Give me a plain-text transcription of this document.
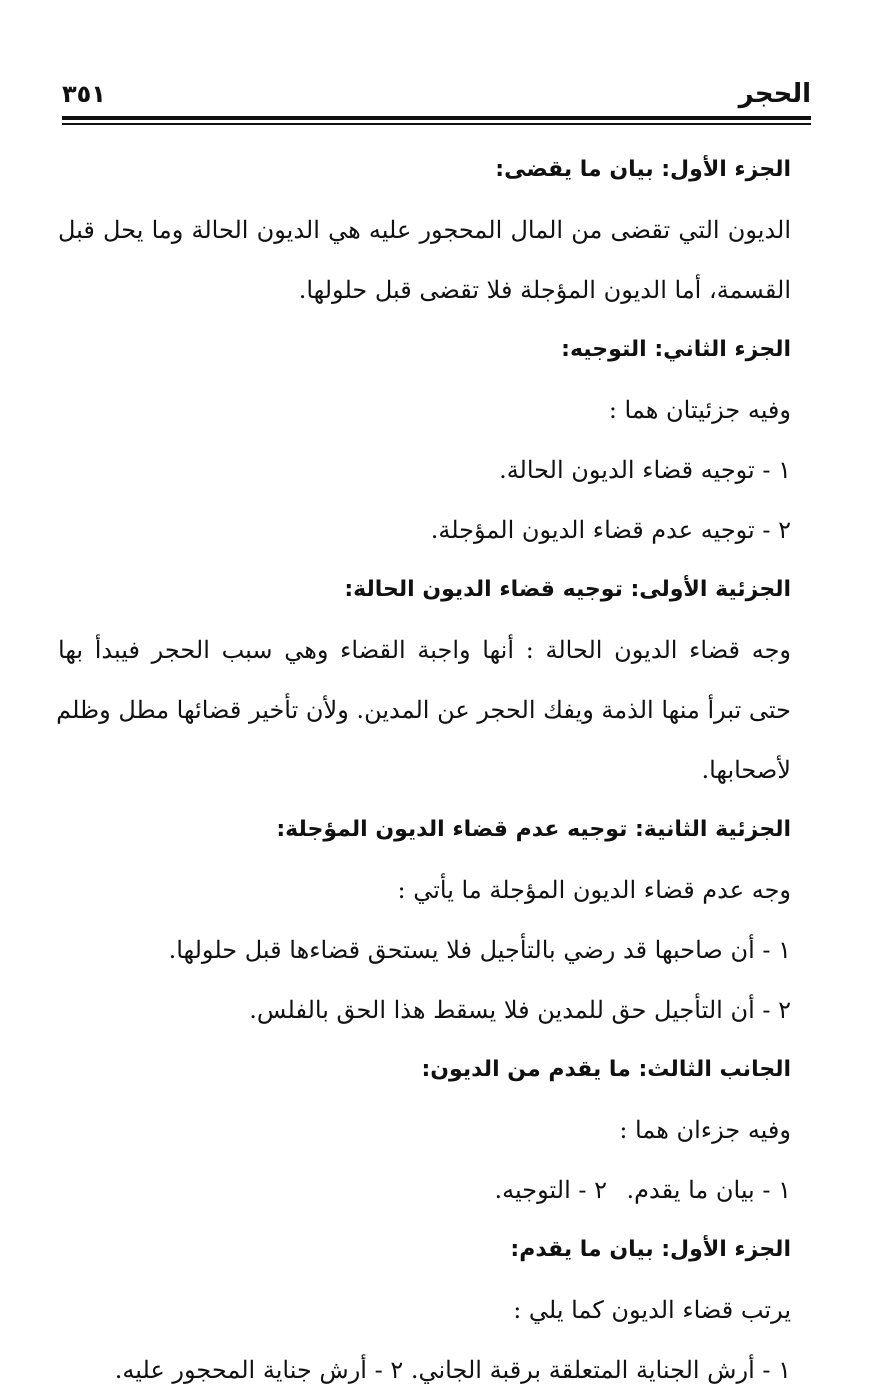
الحجر
٣٥١
الجزء الأول: بيان ما يقضى:
الديون التي تقضى من المال المحجور عليه هي الديون الحالة وما يحل قبل
القسمة، أما الديون المؤجلة فلا تقضى قبل حلولها.
الجزء الثاني: التوجيه:
وفيه جزئيتان هما :
١ - توجيه قضاء الديون الحالة.
٢ - توجيه عدم قضاء الديون المؤجلة.
الجزئية الأولى: توجيه قضاء الديون الحالة:
وجه قضاء الديون الحالة : أنها واجبة القضاء وهي سبب الحجر فيبدأ بها
حتى تبرأ منها الذمة ويفك الحجر عن المدين. ولأن تأخير قضائها مطل وظلم
لأصحابها.
الجزئية الثانية: توجيه عدم قضاء الديون المؤجلة:
وجه عدم قضاء الديون المؤجلة ما يأتي :
١ - أن صاحبها قد رضي بالتأجيل فلا يستحق قضاءها قبل حلولها.
٢ - أن التأجيل حق للمدين فلا يسقط هذا الحق بالفلس.
الجانب الثالث: ما يقدم من الديون:
وفيه جزءان هما :
١ - بيان ما يقدم.
٢ - التوجيه.
الجزء الأول: بيان ما يقدم:
يرتب قضاء الديون كما يلي :
١ - أرش الجناية المتعلقة برقبة الجاني. ٢ - أرش جناية المحجور عليه.
